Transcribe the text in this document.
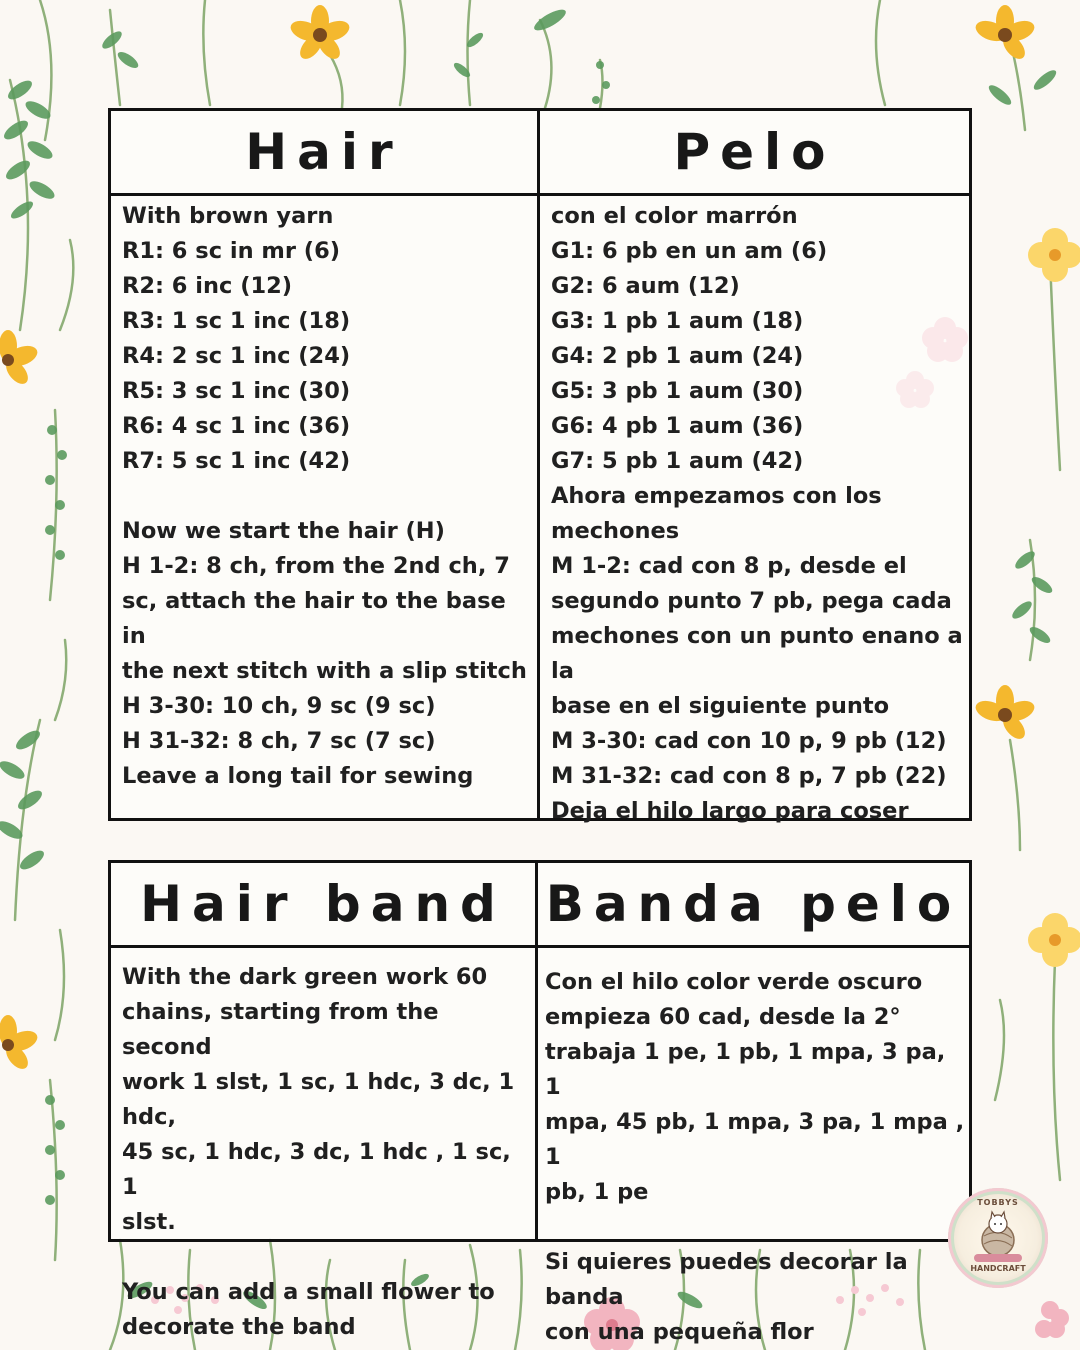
Hair	Pelo
With brown yarn
R1: 6 sc in mr (6)
R2: 6 inc (12)
R3: 1 sc 1 inc (18)
R4: 2 sc 1 inc (24)
R5: 3 sc 1 inc (30)
R6: 4 sc 1 inc (36)
R7: 5 sc 1 inc (42)

Now we start the hair (H)
H 1-2: 8 ch, from the 2nd ch, 7
sc, attach the hair to the base in
the next stitch with a slip stitch
H 3-30: 10 ch, 9 sc (9 sc)
H 31-32: 8 ch, 7 sc (7 sc)
Leave a long tail for sewing
con el color marrón
G1: 6 pb en un am (6)
G2: 6 aum (12)
G3: 1 pb 1 aum (18)
G4: 2 pb 1 aum (24)
G5: 3 pb 1 aum (30)
G6: 4 pb 1 aum (36)
G7: 5 pb 1 aum (42)
Ahora empezamos con los
mechones
M 1-2: cad con 8 p, desde el
segundo punto 7 pb, pega cada
mechones con un punto enano a la
base en el siguiente punto
M 3-30: cad con 10 p, 9 pb (12)
M 31-32: cad con 8 p, 7 pb (22)
Deja el hilo largo para coser
Hair band Banda pelo
With the dark green work 60
chains, starting from the second
work 1 slst, 1 sc, 1 hdc, 3 dc, 1 hdc,
45 sc, 1 hdc, 3 dc, 1 hdc , 1 sc, 1
slst.

You can add a small flower to
decorate the band
Con el hilo color verde oscuro
empieza 60 cad, desde la 2°
trabaja 1 pe, 1 pb, 1 mpa, 3 pa, 1
mpa, 45 pb, 1 mpa, 3 pa, 1 mpa , 1
pb, 1 pe

Si quieres puedes decorar la banda
con una pequeña flor
TOBBYS
HANDCRAFT
